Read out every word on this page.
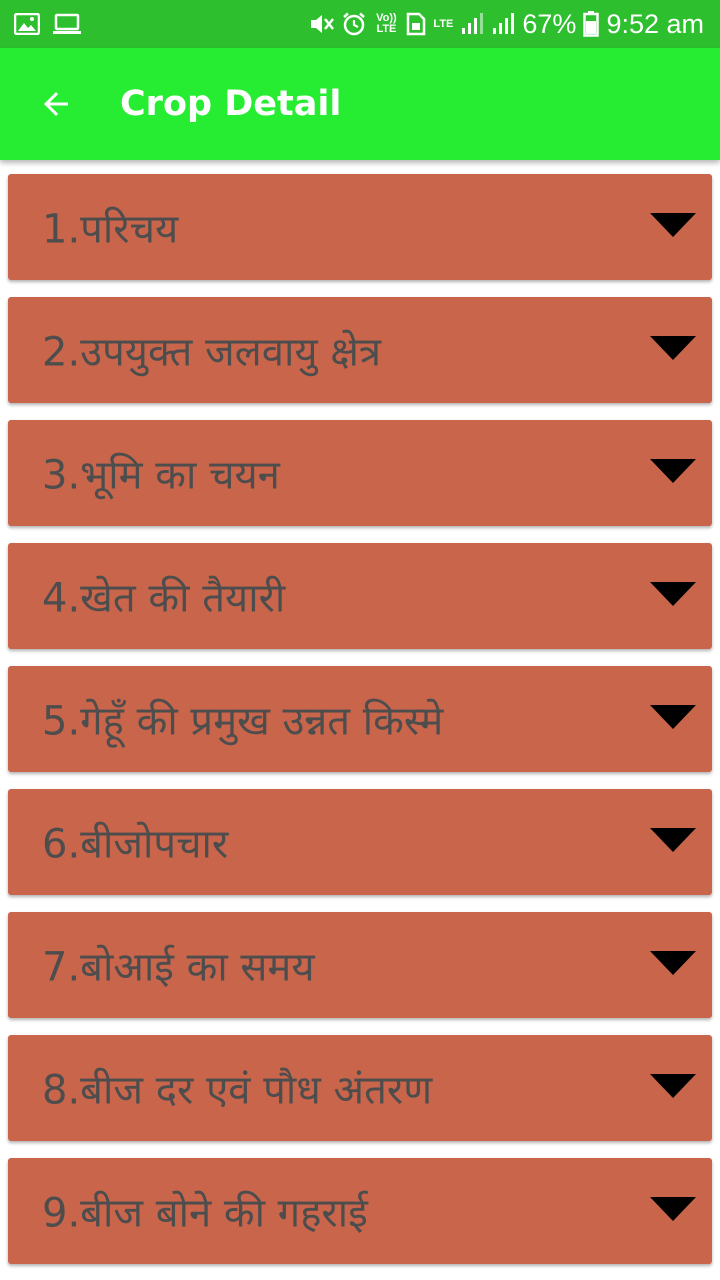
Vo)) LTE	LTE	67% 9:52 am
Crop Detail
1.परिचय
2.उपयुक्त जलवायु क्षेत्र
3.भूमि का चयन
4.खेत की तैयारी
5.गेहूँ की प्रमुख उन्नत किस्मे
6.बीजोपचार
7.बोआई का समय
8.बीज दर एवं पौध अंतरण
9.बीज बोने की गहराई
